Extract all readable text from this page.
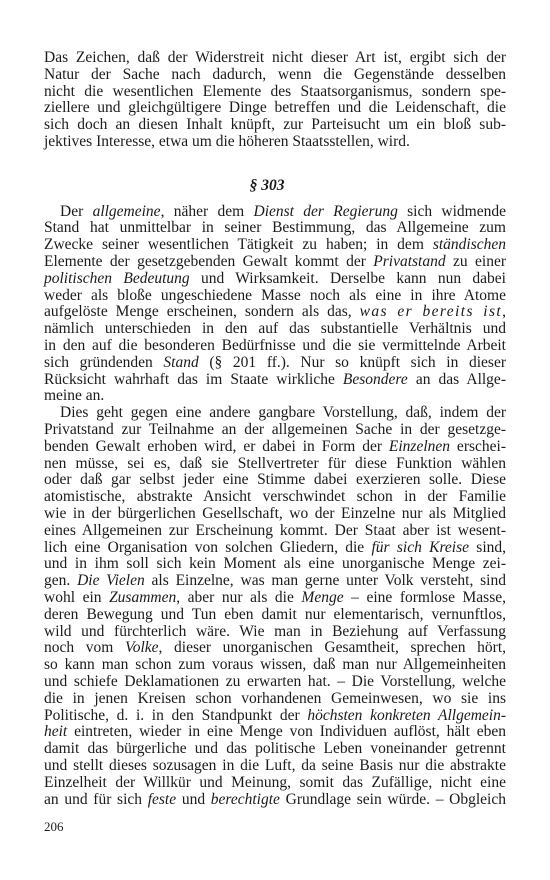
Das Zeichen, daß der Widerstreit nicht dieser Art ist, ergibt sich der
Natur der Sache nach dadurch, wenn die Gegenstände desselben
nicht die wesentlichen Elemente des Staatsorganismus, sondern spe-
ziellere und gleichgültigere Dinge betreffen und die Leidenschaft, die
sich doch an diesen Inhalt knüpft, zur Parteisucht um ein bloß sub-
jektives Interesse, etwa um die höheren Staatsstellen, wird.
§ 303
Der allgemeine, näher dem Dienst der Regierung sich widmende
Stand hat unmittelbar in seiner Bestimmung, das Allgemeine zum
Zwecke seiner wesentlichen Tätigkeit zu haben; in dem ständischen
Elemente der gesetzgebenden Gewalt kommt der Privatstand zu einer
politischen Bedeutung und Wirksamkeit. Derselbe kann nun dabei
weder als bloße ungeschiedene Masse noch als eine in ihre Atome
aufgelöste Menge erscheinen, sondern als das, was er bereits ist,
nämlich unterschieden in den auf das substantielle Verhältnis und
in den auf die besonderen Bedürfnisse und die sie vermittelnde Arbeit
sich gründenden Stand (§ 201 ff.). Nur so knüpft sich in dieser
Rücksicht wahrhaft das im Staate wirkliche Besondere an das Allge-
meine an.
Dies geht gegen eine andere gangbare Vorstellung, daß, indem der
Privatstand zur Teilnahme an der allgemeinen Sache in der gesetzge-
benden Gewalt erhoben wird, er dabei in Form der Einzelnen erschei-
nen müsse, sei es, daß sie Stellvertreter für diese Funktion wählen
oder daß gar selbst jeder eine Stimme dabei exerzieren solle. Diese
atomistische, abstrakte Ansicht verschwindet schon in der Familie
wie in der bürgerlichen Gesellschaft, wo der Einzelne nur als Mitglied
eines Allgemeinen zur Erscheinung kommt. Der Staat aber ist wesent-
lich eine Organisation von solchen Gliedern, die für sich Kreise sind,
und in ihm soll sich kein Moment als eine unorganische Menge zei-
gen. Die Vielen als Einzelne, was man gerne unter Volk versteht, sind
wohl ein Zusammen, aber nur als die Menge – eine formlose Masse,
deren Bewegung und Tun eben damit nur elementarisch, vernunftlos,
wild und fürchterlich wäre. Wie man in Beziehung auf Verfassung
noch vom Volke, dieser unorganischen Gesamtheit, sprechen hört,
so kann man schon zum voraus wissen, daß man nur Allgemeinheiten
und schiefe Deklamationen zu erwarten hat. – Die Vorstellung, welche
die in jenen Kreisen schon vorhandenen Gemeinwesen, wo sie ins
Politische, d. i. in den Standpunkt der höchsten konkreten Allgemein-
heit eintreten, wieder in eine Menge von Individuen auflöst, hält eben
damit das bürgerliche und das politische Leben voneinander getrennt
und stellt dieses sozusagen in die Luft, da seine Basis nur die abstrakte
Einzelheit der Willkür und Meinung, somit das Zufällige, nicht eine
an und für sich feste und berechtigte Grundlage sein würde. – Obgleich
206
